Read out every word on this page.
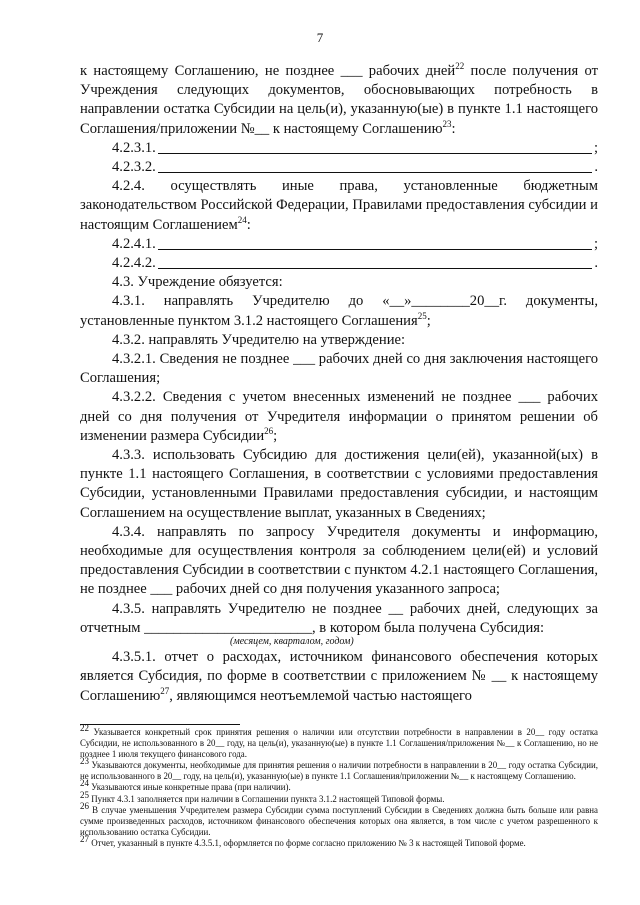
7

к настоящему Соглашению, не позднее ___ рабочих дней$^{22}$ после получения от Учреждения следующих документов, обосновывающих потребность в направлении остатка Субсидии на цель(и), указанную(ые) в пункте 1.1 настоящего Соглашения/приложении №__ к настоящему Соглашению$^{23}$:

4.2.3.1.	;
4.2.3.2.	.

4.2.4. осуществлять иные права, установленные бюджетным законодательством Российской Федерации, Правилами предоставления субсидии и настоящим Соглашением$^{24}$:

4.2.4.1.	;
4.2.4.2.	.

4.3. Учреждение обязуется:

4.3.1. направлять Учредителю до «__»________20__г. документы, установленные пунктом 3.1.2 настоящего Соглашения$^{25}$;

4.3.2. направлять Учредителю на утверждение:

4.3.2.1. Сведения не позднее ___ рабочих дней со дня заключения настоящего Соглашения;

4.3.2.2. Сведения с учетом внесенных изменений не позднее ___ рабочих дней со дня получения от Учредителя информации о принятом решении об изменении размера Субсидии$^{26}$;

4.3.3. использовать Субсидию для достижения цели(ей), указанной(ых) в пункте 1.1 настоящего Соглашения, в соответствии с условиями предоставления Субсидии, установленными Правилами предоставления субсидии, и настоящим Соглашением на осуществление выплат, указанных в Сведениях;

4.3.4. направлять по запросу Учредителя документы и информацию, необходимые для осуществления контроля за соблюдением цели(ей) и условий предоставления Субсидии в соответствии с пунктом 4.2.1 настоящего Соглашения, не позднее ___ рабочих дней со дня получения указанного запроса;

4.3.5. направлять Учредителю не позднее __ рабочих дней, следующих за отчетным _______________________, в котором была получена Субсидия:

(месяцем, кварталом, годом)

4.3.5.1. отчет о расходах, источником финансового обеспечения которых является Субсидия, по форме в соответствии с приложением № __ к настоящему Соглашению$^{27}$, являющимся неотъемлемой частью настоящего

$^{22}$ Указывается конкретный срок принятия решения о наличии или отсутствии потребности в направлении в 20__ году остатка Субсидии, не использованного в 20__ году, на цель(и), указанную(ые) в пункте 1.1 Соглашения/приложения №__ к Соглашению, но не позднее 1 июля текущего финансового года.
$^{23}$ Указываются документы, необходимые для принятия решения о наличии потребности в направлении в 20__ году остатка Субсидии, не использованного в 20__ году, на цель(и), указанную(ые) в пункте 1.1 Соглашения/приложении №__ к настоящему Соглашению.
$^{24}$ Указываются иные конкретные права (при наличии).
$^{25}$ Пункт 4.3.1 заполняется при наличии в Соглашении пункта 3.1.2 настоящей Типовой формы.
$^{26}$ В случае уменьшения Учредителем размера Субсидии сумма поступлений Субсидии в Сведениях должна быть больше или равна сумме произведенных расходов, источником финансового обеспечения которых она является, в том числе с учетом разрешенного к использованию остатка Субсидии.
$^{27}$ Отчет, указанный в пункте 4.3.5.1, оформляется по форме согласно приложению № 3 к настоящей Типовой форме.
